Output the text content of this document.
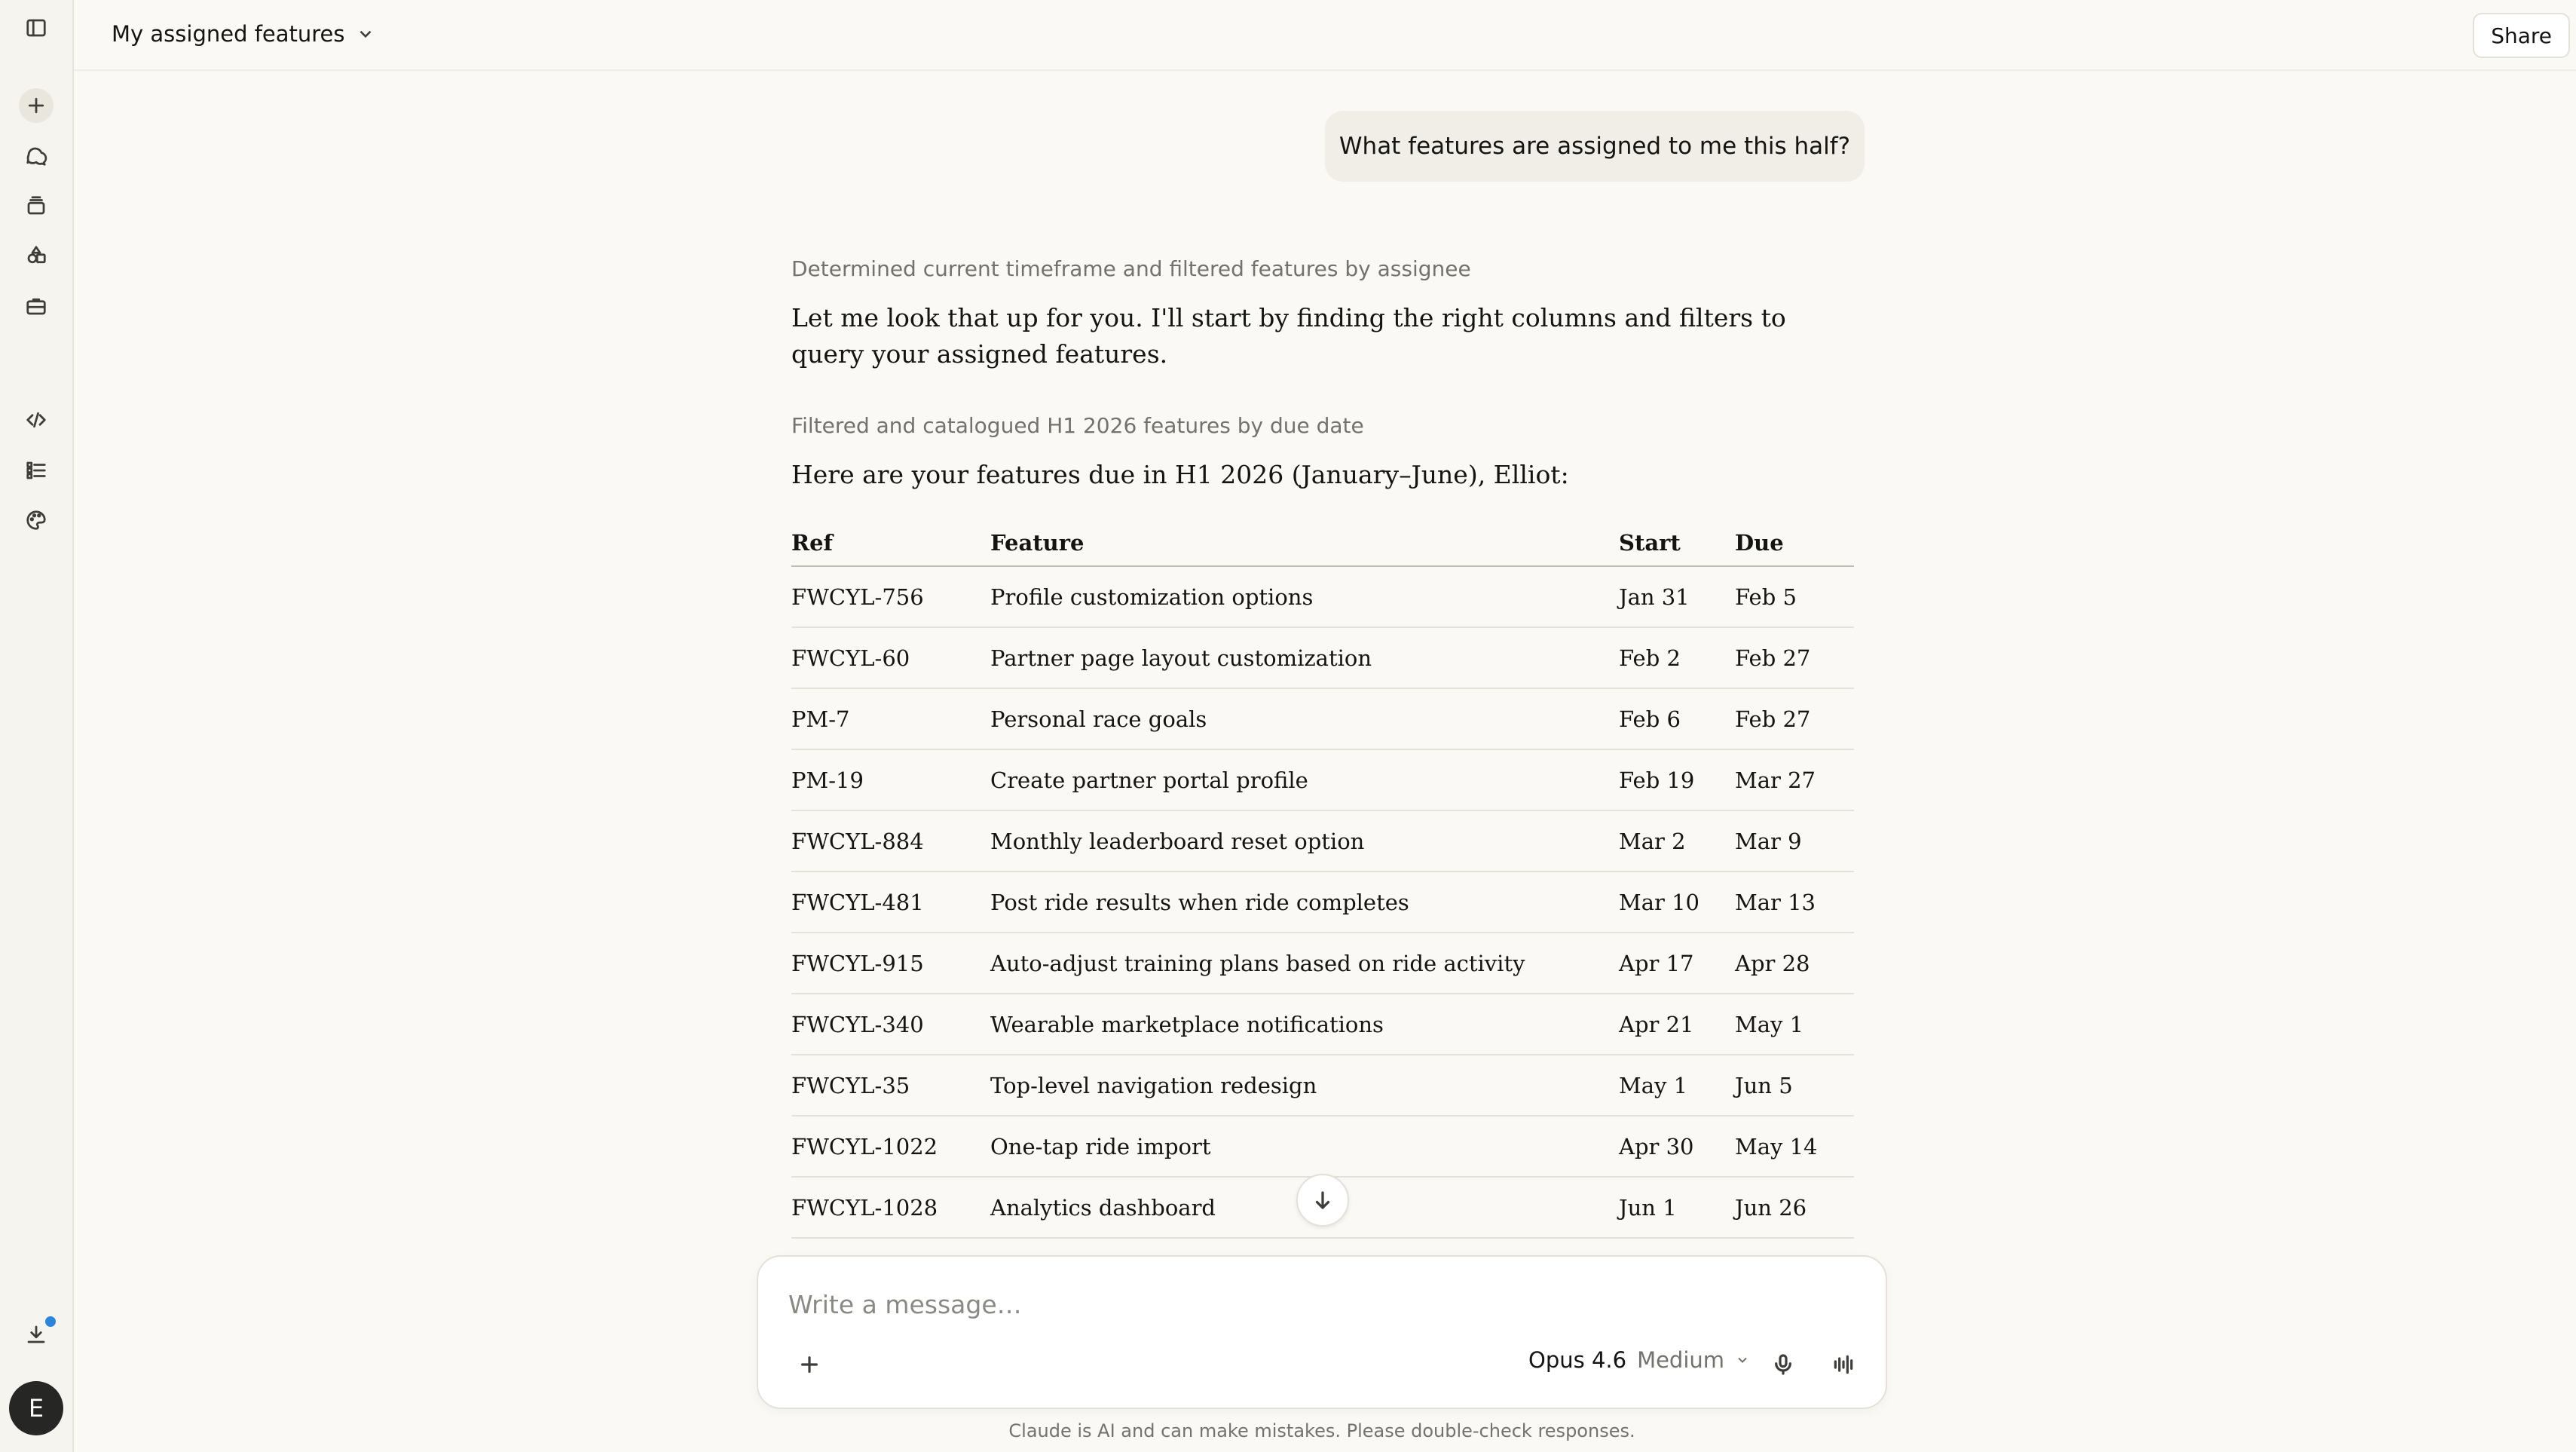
E
My assigned features	Share
What features are assigned to me this half?
Determined current timeframe and filtered features by assignee
Let me look that up for you. I'll start by finding the right columns and filters to query your assigned features.
Filtered and catalogued H1 2026 features by due date
Here are your features due in H1 2026 (January–June), Elliot:
Ref	Feature	Start	Due
FWCYL-756	Profile customization options	Jan 31	Feb 5
FWCYL-60	Partner page layout customization	Feb 2	Feb 27
PM-7	Personal race goals	Feb 6	Feb 27
PM-19	Create partner portal profile	Feb 19	Mar 27
FWCYL-884	Monthly leaderboard reset option	Mar 2	Mar 9
FWCYL-481	Post ride results when ride completes	Mar 10	Mar 13
FWCYL-915	Auto-adjust training plans based on ride activity	Apr 17	Apr 28
FWCYL-340	Wearable marketplace notifications	Apr 21	May 1
FWCYL-35	Top-level navigation redesign	May 1	Jun 5
FWCYL-1022	One-tap ride import	Apr 30	May 14
FWCYL-1028	Analytics dashboard	Jun 1	Jun 26
Write a message…
Opus 4.6 Medium
Claude is AI and can make mistakes. Please double-check responses.
